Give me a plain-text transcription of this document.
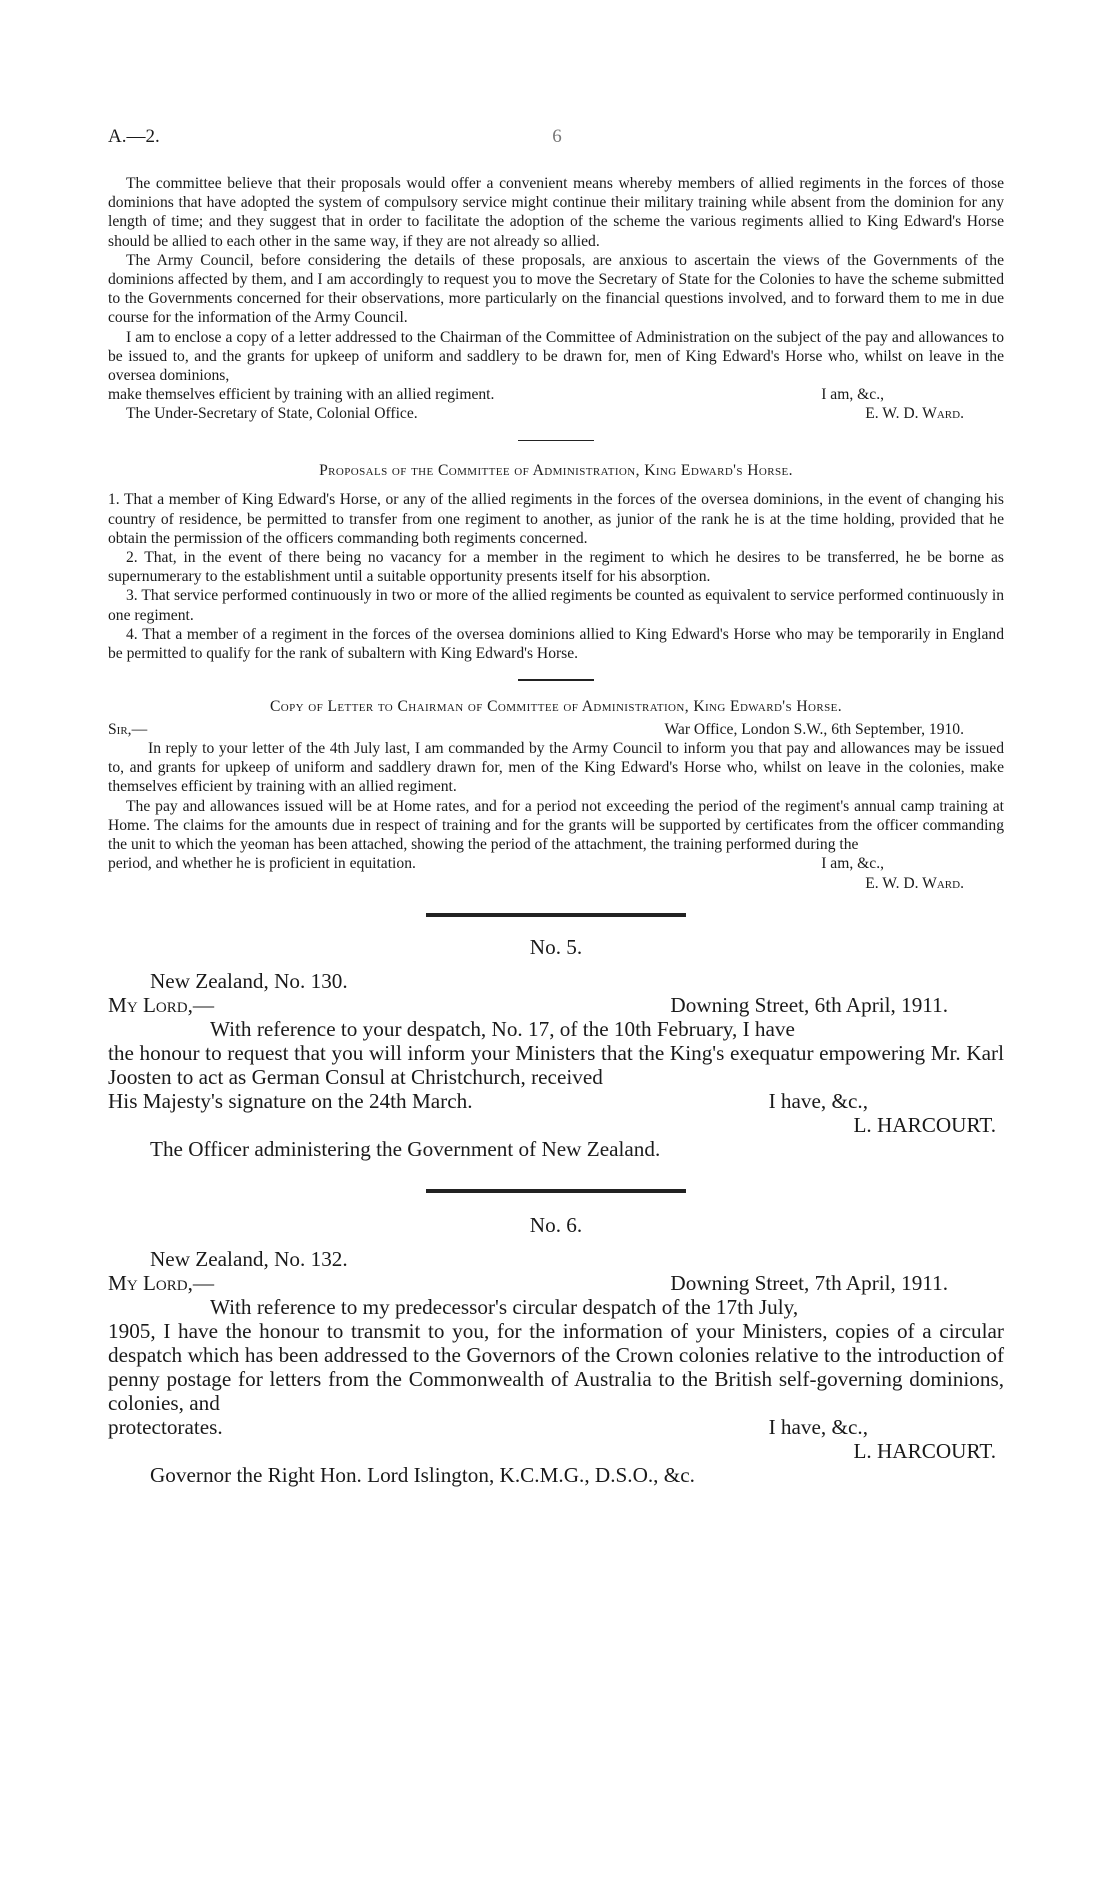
A.—2.	6

The committee believe that their proposals would offer a convenient means whereby members of allied regiments in the forces of those dominions that have adopted the system of compulsory service might continue their military training while absent from the dominion for any length of time; and they suggest that in order to facilitate the adoption of the scheme the various regiments allied to King Edward's Horse should be allied to each other in the same way, if they are not already so allied.

The Army Council, before considering the details of these proposals, are anxious to ascertain the views of the Governments of the dominions affected by them, and I am accordingly to request you to move the Secretary of State for the Colonies to have the scheme submitted to the Governments concerned for their observations, more particularly on the financial questions involved, and to forward them to me in due course for the information of the Army Council.

I am to enclose a copy of a letter addressed to the Chairman of the Committee of Administration on the subject of the pay and allowances to be issued to, and the grants for upkeep of uniform and saddlery to be drawn for, men of King Edward's Horse who, whilst on leave in the oversea dominions,

make themselves efficient by training with an allied regiment.	I am, &c.,
The Under-Secretary of State, Colonial Office.	E. W. D. Ward.
Proposals of the Committee of Administration, King Edward's Horse.

1. That a member of King Edward's Horse, or any of the allied regiments in the forces of the oversea dominions, in the event of changing his country of residence, be permitted to transfer from one regiment to another, as junior of the rank he is at the time holding, provided that he obtain the permission of the officers commanding both regiments concerned.

2. That, in the event of there being no vacancy for a member in the regiment to which he desires to be transferred, he be borne as supernumerary to the establishment until a suitable opportunity presents itself for his absorption.

3. That service performed continuously in two or more of the allied regiments be counted as equivalent to service performed continuously in one regiment.

4. That a member of a regiment in the forces of the oversea dominions allied to King Edward's Horse who may be temporarily in England be permitted to qualify for the rank of subaltern with King Edward's Horse.

Copy of Letter to Chairman of Committee of Administration, King Edward's Horse.
Sir,—	War Office, London S.W., 6th September, 1910.

In reply to your letter of the 4th July last, I am commanded by the Army Council to inform you that pay and allowances may be issued to, and grants for upkeep of uniform and saddlery drawn for, men of the King Edward's Horse who, whilst on leave in the colonies, make themselves efficient by training with an allied regiment.

The pay and allowances issued will be at Home rates, and for a period not exceeding the period of the regiment's annual camp training at Home. The claims for the amounts due in respect of training and for the grants will be supported by certificates from the officer commanding the unit to which the yeoman has been attached, showing the period of the attachment, the training performed during the

period, and whether he is proficient in equitation.	I am, &c.,
E. W. D. Ward.
No. 5.
New Zealand, No. 130.
My Lord,—	Downing Street, 6th April, 1911.
With reference to your despatch, No. 17, of the 10th February, I have

the honour to request that you will inform your Ministers that the King's exequatur empowering Mr. Karl Joosten to act as German Consul at Christchurch, received

His Majesty's signature on the 24th March.	I have, &c.,
L. HARCOURT.
The Officer administering the Government of New Zealand.
No. 6.
New Zealand, No. 132.
My Lord,—	Downing Street, 7th April, 1911.
With reference to my predecessor's circular despatch of the 17th July,

1905, I have the honour to transmit to you, for the information of your Ministers, copies of a circular despatch which has been addressed to the Governors of the Crown colonies relative to the introduction of penny postage for letters from the Commonwealth of Australia to the British self-governing dominions, colonies, and

protectorates.	I have, &c.,
L. HARCOURT.
Governor the Right Hon. Lord Islington, K.C.M.G., D.S.O., &c.
